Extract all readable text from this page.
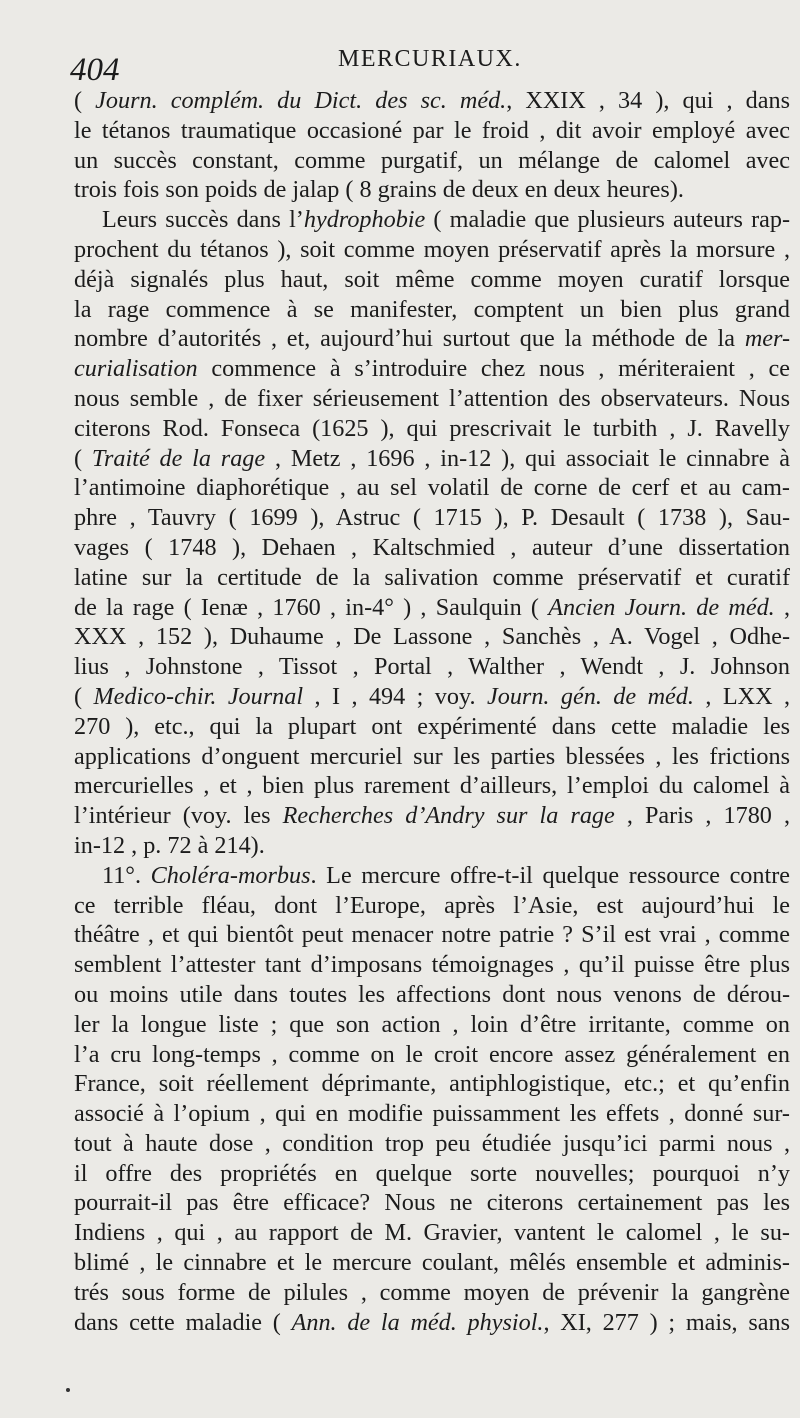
404	MERCURIAUX.
( Journ. complém. du Dict. des sc. méd., XXIX , 34 ), qui , dans
le tétanos traumatique occasioné par le froid , dit avoir employé avec
un succès constant, comme purgatif, un mélange de calomel avec
trois fois son poids de jalap ( 8 grains de deux en deux heures).
Leurs succès dans l’hydrophobie ( maladie que plusieurs auteurs rap-
prochent du tétanos ), soit comme moyen préservatif après la morsure ,
déjà signalés plus haut, soit même comme moyen curatif lorsque
la rage commence à se manifester, comptent un bien plus grand
nombre d’autorités , et, aujourd’hui surtout que la méthode de la mer-
curialisation commence à s’introduire chez nous , mériteraient , ce
nous semble , de fixer sérieusement l’attention des observateurs. Nous
citerons Rod. Fonseca (1625 ), qui prescrivait le turbith , J. Ravelly
( Traité de la rage , Metz , 1696 , in-12 ), qui associait le cinnabre à
l’antimoine diaphorétique , au sel volatil de corne de cerf et au cam-
phre , Tauvry ( 1699 ), Astruc ( 1715 ), P. Desault ( 1738 ), Sau-
vages ( 1748 ), Dehaen , Kaltschmied , auteur d’une dissertation
latine sur la certitude de la salivation comme préservatif et curatif
de la rage ( Ienæ , 1760 , in-4° ) , Saulquin ( Ancien Journ. de méd. ,
XXX , 152 ), Duhaume , De Lassone , Sanchès , A. Vogel , Odhe-
lius , Johnstone , Tissot , Portal , Walther , Wendt , J. Johnson
( Medico-chir. Journal , I , 494 ; voy. Journ. gén. de méd. , LXX ,
270 ), etc., qui la plupart ont expérimenté dans cette maladie les
applications d’onguent mercuriel sur les parties blessées , les frictions
mercurielles , et , bien plus rarement d’ailleurs, l’emploi du calomel à
l’intérieur (voy. les Recherches d’Andry sur la rage , Paris , 1780 ,
in-12 , p. 72 à 214).
11°. Choléra-morbus. Le mercure offre-t-il quelque ressource contre
ce terrible fléau, dont l’Europe, après l’Asie, est aujourd’hui le
théâtre , et qui bientôt peut menacer notre patrie ? S’il est vrai , comme
semblent l’attester tant d’imposans témoignages , qu’il puisse être plus
ou moins utile dans toutes les affections dont nous venons de dérou-
ler la longue liste ; que son action , loin d’être irritante, comme on
l’a cru long-temps , comme on le croit encore assez généralement en
France, soit réellement déprimante, antiphlogistique, etc.; et qu’enfin
associé à l’opium , qui en modifie puissamment les effets , donné sur-
tout à haute dose , condition trop peu étudiée jusqu’ici parmi nous ,
il offre des propriétés en quelque sorte nouvelles; pourquoi n’y
pourrait-il pas être efficace? Nous ne citerons certainement pas les
Indiens , qui , au rapport de M. Gravier, vantent le calomel , le su-
blimé , le cinnabre et le mercure coulant, mêlés ensemble et adminis-
trés sous forme de pilules , comme moyen de prévenir la gangrène
dans cette maladie ( Ann. de la méd. physiol., XI, 277 ) ; mais, sans
